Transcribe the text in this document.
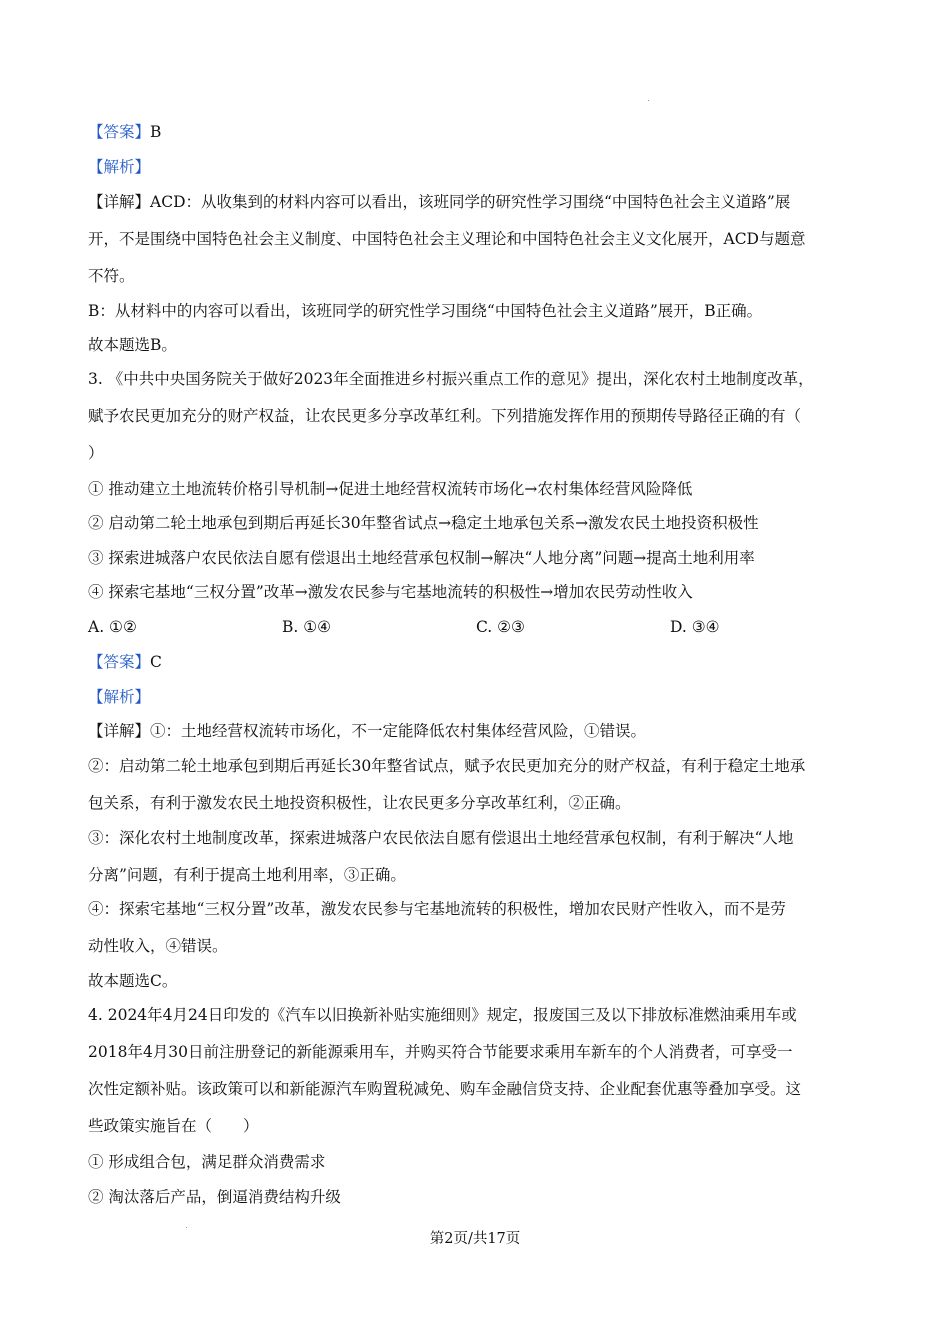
【答案】B
【解析】
【详解】ACD：从收集到的材料内容可以看出，该班同学的研究性学习围绕“中国特色社会主义道路”展
开，不是围绕中国特色社会主义制度、中国特色社会主义理论和中国特色社会主义文化展开，ACD与题意
不符。
B：从材料中的内容可以看出，该班同学的研究性学习围绕“中国特色社会主义道路”展开，B正确。
故本题选B。
3. 《中共中央国务院关于做好2023年全面推进乡村振兴重点工作的意见》提出，深化农村土地制度改革，
赋予农民更加充分的财产权益，让农民更多分享改革红利。下列措施发挥作用的预期传导路径正确的有（
）
① 推动建立土地流转价格引导机制→促进土地经营权流转市场化→农村集体经营风险降低
② 启动第二轮土地承包到期后再延长30年整省试点→稳定土地承包关系→激发农民土地投资积极性
③ 探索进城落户农民依法自愿有偿退出土地经营承包权制→解决“人地分离”问题→提高土地利用率
④ 探索宅基地“三权分置”改革→激发农民参与宅基地流转的积极性→增加农民劳动性收入
A. ①②	B. ①④	C. ②③	D. ③④
【答案】C
【解析】
【详解】①：土地经营权流转市场化，不一定能降低农村集体经营风险，①错误。
②：启动第二轮土地承包到期后再延长30年整省试点，赋予农民更加充分的财产权益，有利于稳定土地承
包关系，有利于激发农民土地投资积极性，让农民更多分享改革红利，②正确。
③：深化农村土地制度改革，探索进城落户农民依法自愿有偿退出土地经营承包权制，有利于解决“人地
分离”问题，有利于提高土地利用率，③正确。
④：探索宅基地“三权分置”改革，激发农民参与宅基地流转的积极性，增加农民财产性收入，而不是劳
动性收入，④错误。
故本题选C。
4. 2024年4月24日印发的《汽车以旧换新补贴实施细则》规定，报废国三及以下排放标准燃油乘用车或
2018年4月30日前注册登记的新能源乘用车，并购买符合节能要求乘用车新车的个人消费者，可享受一
次性定额补贴。该政策可以和新能源汽车购置税减免、购车金融信贷支持、企业配套优惠等叠加享受。这
些政策实施旨在（　　）
① 形成组合包，满足群众消费需求
② 淘汰落后产品，倒逼消费结构升级
第2页/共17页
